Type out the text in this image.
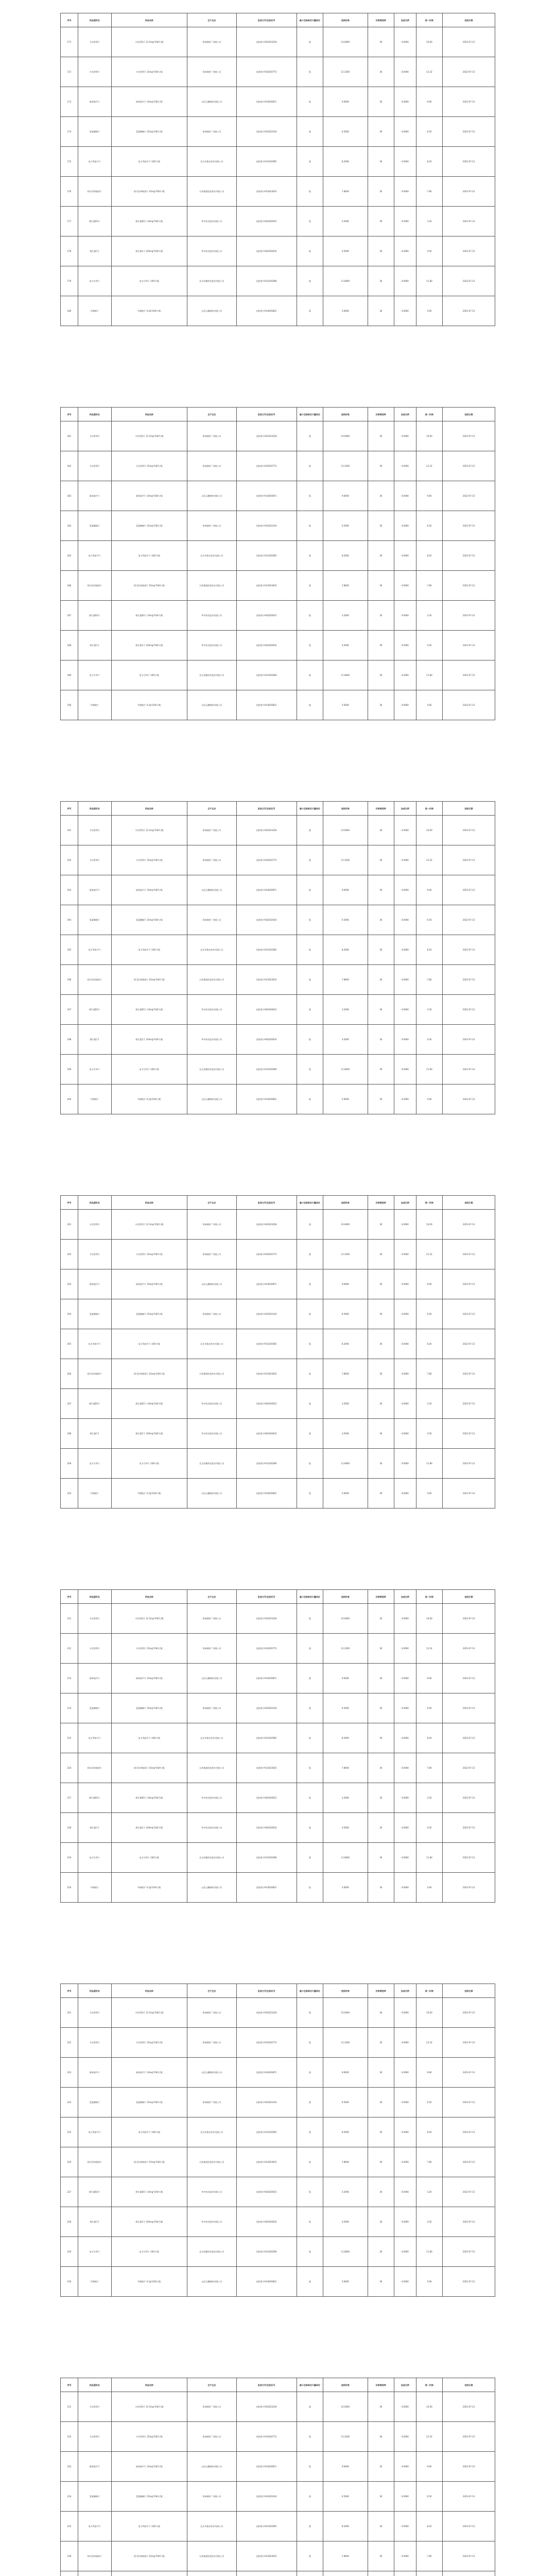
序号	药品通用名	药品名称	生产企业	批准文号/注册证号	最小包装单位计量单位	挂网价格	价格零差率	加成比例	统一价格	挂网日期
171	卡托普利片	卡托普利片 12.5mg*100片/瓶	常州制药厂有限公司	国药准字H32023228	瓶	10.0000	30	0.0000	10.00	2023-07-13
172	卡托普利片	卡托普利片 25mg*100片/瓶	常州制药厂有限公司	国药准字H32020773	瓶	12.3200	30	0.0000	12.32	2023-07-13
173	硝苯地平片	硝苯地平片 10mg*100片/瓶	山西云鹏制药有限公司	国药准字H14020871	瓶	9.6000	30	0.0000	9.60	2023-07-13
174	氢氯噻嗪片	氢氯噻嗪片 25mg*100片/瓶	常州制药厂有限公司	国药准字H32022434	瓶	6.5000	30	0.0000	6.50	2023-07-13
175	复方利血平片	复方利血平片 100片/瓶	北京市燕京药业有限公司	国药准字H11020585	瓶	8.2000	30	0.0000	8.20	2023-07-13
176	阿司匹林肠溶片	阿司匹林肠溶片 25mg*100片/瓶	石药集团欧意药业有限公司	国药准字H13023635	瓶	7.8000	30	0.0000	7.80	2023-07-13
177	维生素B1片	维生素B1片 10mg*100片/瓶	华中药业股份有限公司	国药准字H42020615	瓶	3.2000	30	0.0000	3.20	2023-07-13
178	维生素C片	维生素C片 100mg*100片/瓶	华中药业股份有限公司	国药准字H42020616	瓶	4.5000	30	0.0000	4.50	2023-07-13
179	复方甘草片	复方甘草片 100片/瓶	北京双鹤药业股份有限公司	国药准字H11020289	瓶	11.8000	30	0.0000	11.80	2023-07-13
180	甲硝唑片	甲硝唑片 0.2g*100片/瓶	山西云鹏制药有限公司	国药准字H14020822	瓶	5.6000	30	0.0000	5.60	2023-07-13
序号	药品通用名	药品名称	生产企业	批准文号/注册证号	最小包装单位计量单位	挂网价格	价格零差率	加成比例	统一价格	挂网日期
181	卡托普利片	卡托普利片 12.5mg*100片/瓶	常州制药厂有限公司	国药准字H32023228	瓶	10.0000	30	0.0000	10.00	2023-07-13
182	卡托普利片	卡托普利片 25mg*100片/瓶	常州制药厂有限公司	国药准字H32020773	瓶	12.3200	30	0.0000	12.32	2023-07-13
183	硝苯地平片	硝苯地平片 10mg*100片/瓶	山西云鹏制药有限公司	国药准字H14020871	瓶	9.6000	30	0.0000	9.60	2023-07-13
184	氢氯噻嗪片	氢氯噻嗪片 25mg*100片/瓶	常州制药厂有限公司	国药准字H32022434	瓶	6.5000	30	0.0000	6.50	2023-07-13
185	复方利血平片	复方利血平片 100片/瓶	北京市燕京药业有限公司	国药准字H11020585	瓶	8.2000	30	0.0000	8.20	2023-07-13
186	阿司匹林肠溶片	阿司匹林肠溶片 25mg*100片/瓶	石药集团欧意药业有限公司	国药准字H13023635	瓶	7.8000	30	0.0000	7.80	2023-07-13
187	维生素B1片	维生素B1片 10mg*100片/瓶	华中药业股份有限公司	国药准字H42020615	瓶	3.2000	30	0.0000	3.20	2023-07-13
188	维生素C片	维生素C片 100mg*100片/瓶	华中药业股份有限公司	国药准字H42020616	瓶	4.5000	30	0.0000	4.50	2023-07-13
189	复方甘草片	复方甘草片 100片/瓶	北京双鹤药业股份有限公司	国药准字H11020289	瓶	11.8000	30	0.0000	11.80	2023-07-13
190	甲硝唑片	甲硝唑片 0.2g*100片/瓶	山西云鹏制药有限公司	国药准字H14020822	瓶	5.6000	30	0.0000	5.60	2023-07-13
序号	药品通用名	药品名称	生产企业	批准文号/注册证号	最小包装单位计量单位	挂网价格	价格零差率	加成比例	统一价格	挂网日期
191	卡托普利片	卡托普利片 12.5mg*100片/瓶	常州制药厂有限公司	国药准字H32023228	瓶	10.0000	30	0.0000	10.00	2023-07-13
192	卡托普利片	卡托普利片 25mg*100片/瓶	常州制药厂有限公司	国药准字H32020773	瓶	12.3200	30	0.0000	12.32	2023-07-13
193	硝苯地平片	硝苯地平片 10mg*100片/瓶	山西云鹏制药有限公司	国药准字H14020871	瓶	9.6000	30	0.0000	9.60	2023-07-13
194	氢氯噻嗪片	氢氯噻嗪片 25mg*100片/瓶	常州制药厂有限公司	国药准字H32022434	瓶	6.5000	30	0.0000	6.50	2023-07-13
195	复方利血平片	复方利血平片 100片/瓶	北京市燕京药业有限公司	国药准字H11020585	瓶	8.2000	30	0.0000	8.20	2023-07-13
196	阿司匹林肠溶片	阿司匹林肠溶片 25mg*100片/瓶	石药集团欧意药业有限公司	国药准字H13023635	瓶	7.8000	30	0.0000	7.80	2023-07-13
197	维生素B1片	维生素B1片 10mg*100片/瓶	华中药业股份有限公司	国药准字H42020615	瓶	3.2000	30	0.0000	3.20	2023-07-13
198	维生素C片	维生素C片 100mg*100片/瓶	华中药业股份有限公司	国药准字H42020616	瓶	4.5000	30	0.0000	4.50	2023-07-13
199	复方甘草片	复方甘草片 100片/瓶	北京双鹤药业股份有限公司	国药准字H11020289	瓶	11.8000	30	0.0000	11.80	2023-07-13
200	甲硝唑片	甲硝唑片 0.2g*100片/瓶	山西云鹏制药有限公司	国药准字H14020822	瓶	5.6000	30	0.0000	5.60	2023-07-13
序号	药品通用名	药品名称	生产企业	批准文号/注册证号	最小包装单位计量单位	挂网价格	价格零差率	加成比例	统一价格	挂网日期
201	卡托普利片	卡托普利片 12.5mg*100片/瓶	常州制药厂有限公司	国药准字H32023228	瓶	10.0000	30	0.0000	10.00	2023-07-13
202	卡托普利片	卡托普利片 25mg*100片/瓶	常州制药厂有限公司	国药准字H32020773	瓶	12.3200	30	0.0000	12.32	2023-07-13
203	硝苯地平片	硝苯地平片 10mg*100片/瓶	山西云鹏制药有限公司	国药准字H14020871	瓶	9.6000	30	0.0000	9.60	2023-07-13
204	氢氯噻嗪片	氢氯噻嗪片 25mg*100片/瓶	常州制药厂有限公司	国药准字H32022434	瓶	6.5000	30	0.0000	6.50	2023-07-13
205	复方利血平片	复方利血平片 100片/瓶	北京市燕京药业有限公司	国药准字H11020585	瓶	8.2000	30	0.0000	8.20	2023-07-13
206	阿司匹林肠溶片	阿司匹林肠溶片 25mg*100片/瓶	石药集团欧意药业有限公司	国药准字H13023635	瓶	7.8000	30	0.0000	7.80	2023-07-13
207	维生素B1片	维生素B1片 10mg*100片/瓶	华中药业股份有限公司	国药准字H42020615	瓶	3.2000	30	0.0000	3.20	2023-07-13
208	维生素C片	维生素C片 100mg*100片/瓶	华中药业股份有限公司	国药准字H42020616	瓶	4.5000	30	0.0000	4.50	2023-07-13
209	复方甘草片	复方甘草片 100片/瓶	北京双鹤药业股份有限公司	国药准字H11020289	瓶	11.8000	30	0.0000	11.80	2023-07-13
210	甲硝唑片	甲硝唑片 0.2g*100片/瓶	山西云鹏制药有限公司	国药准字H14020822	瓶	5.6000	30	0.0000	5.60	2023-07-13
序号	药品通用名	药品名称	生产企业	批准文号/注册证号	最小包装单位计量单位	挂网价格	价格零差率	加成比例	统一价格	挂网日期
211	卡托普利片	卡托普利片 12.5mg*100片/瓶	常州制药厂有限公司	国药准字H32023228	瓶	10.0000	30	0.0000	10.00	2023-07-13
212	卡托普利片	卡托普利片 25mg*100片/瓶	常州制药厂有限公司	国药准字H32020773	瓶	12.3200	30	0.0000	12.32	2023-07-13
213	硝苯地平片	硝苯地平片 10mg*100片/瓶	山西云鹏制药有限公司	国药准字H14020871	瓶	9.6000	30	0.0000	9.60	2023-07-13
214	氢氯噻嗪片	氢氯噻嗪片 25mg*100片/瓶	常州制药厂有限公司	国药准字H32022434	瓶	6.5000	30	0.0000	6.50	2023-07-13
215	复方利血平片	复方利血平片 100片/瓶	北京市燕京药业有限公司	国药准字H11020585	瓶	8.2000	30	0.0000	8.20	2023-07-13
216	阿司匹林肠溶片	阿司匹林肠溶片 25mg*100片/瓶	石药集团欧意药业有限公司	国药准字H13023635	瓶	7.8000	30	0.0000	7.80	2023-07-13
217	维生素B1片	维生素B1片 10mg*100片/瓶	华中药业股份有限公司	国药准字H42020615	瓶	3.2000	30	0.0000	3.20	2023-07-13
218	维生素C片	维生素C片 100mg*100片/瓶	华中药业股份有限公司	国药准字H42020616	瓶	4.5000	30	0.0000	4.50	2023-07-13
219	复方甘草片	复方甘草片 100片/瓶	北京双鹤药业股份有限公司	国药准字H11020289	瓶	11.8000	30	0.0000	11.80	2023-07-13
220	甲硝唑片	甲硝唑片 0.2g*100片/瓶	山西云鹏制药有限公司	国药准字H14020822	瓶	5.6000	30	0.0000	5.60	2023-07-13
序号	药品通用名	药品名称	生产企业	批准文号/注册证号	最小包装单位计量单位	挂网价格	价格零差率	加成比例	统一价格	挂网日期
221	卡托普利片	卡托普利片 12.5mg*100片/瓶	常州制药厂有限公司	国药准字H32023228	瓶	10.0000	30	0.0000	10.00	2023-07-13
222	卡托普利片	卡托普利片 25mg*100片/瓶	常州制药厂有限公司	国药准字H32020773	瓶	12.3200	30	0.0000	12.32	2023-07-13
223	硝苯地平片	硝苯地平片 10mg*100片/瓶	山西云鹏制药有限公司	国药准字H14020871	瓶	9.6000	30	0.0000	9.60	2023-07-13
224	氢氯噻嗪片	氢氯噻嗪片 25mg*100片/瓶	常州制药厂有限公司	国药准字H32022434	瓶	6.5000	30	0.0000	6.50	2023-07-13
225	复方利血平片	复方利血平片 100片/瓶	北京市燕京药业有限公司	国药准字H11020585	瓶	8.2000	30	0.0000	8.20	2023-07-13
226	阿司匹林肠溶片	阿司匹林肠溶片 25mg*100片/瓶	石药集团欧意药业有限公司	国药准字H13023635	瓶	7.8000	30	0.0000	7.80	2023-07-13
227	维生素B1片	维生素B1片 10mg*100片/瓶	华中药业股份有限公司	国药准字H42020615	瓶	3.2000	30	0.0000	3.20	2023-07-13
228	维生素C片	维生素C片 100mg*100片/瓶	华中药业股份有限公司	国药准字H42020616	瓶	4.5000	30	0.0000	4.50	2023-07-13
229	复方甘草片	复方甘草片 100片/瓶	北京双鹤药业股份有限公司	国药准字H11020289	瓶	11.8000	30	0.0000	11.80	2023-07-13
230	甲硝唑片	甲硝唑片 0.2g*100片/瓶	山西云鹏制药有限公司	国药准字H14020822	瓶	5.6000	30	0.0000	5.60	2023-07-13
序号	药品通用名	药品名称	生产企业	批准文号/注册证号	最小包装单位计量单位	挂网价格	价格零差率	加成比例	统一价格	挂网日期
231	卡托普利片	卡托普利片 12.5mg*100片/瓶	常州制药厂有限公司	国药准字H32023228	瓶	10.0000	30	0.0000	10.00	2023-07-13
232	卡托普利片	卡托普利片 25mg*100片/瓶	常州制药厂有限公司	国药准字H32020773	瓶	12.3200	30	0.0000	12.32	2023-07-13
233	硝苯地平片	硝苯地平片 10mg*100片/瓶	山西云鹏制药有限公司	国药准字H14020871	瓶	9.6000	30	0.0000	9.60	2023-07-13
234	氢氯噻嗪片	氢氯噻嗪片 25mg*100片/瓶	常州制药厂有限公司	国药准字H32022434	瓶	6.5000	30	0.0000	6.50	2023-07-13
235	复方利血平片	复方利血平片 100片/瓶	北京市燕京药业有限公司	国药准字H11020585	瓶	8.2000	30	0.0000	8.20	2023-07-13
236	阿司匹林肠溶片	阿司匹林肠溶片 25mg*100片/瓶	石药集团欧意药业有限公司	国药准字H13023635	瓶	7.8000	30	0.0000	7.80	2023-07-13
